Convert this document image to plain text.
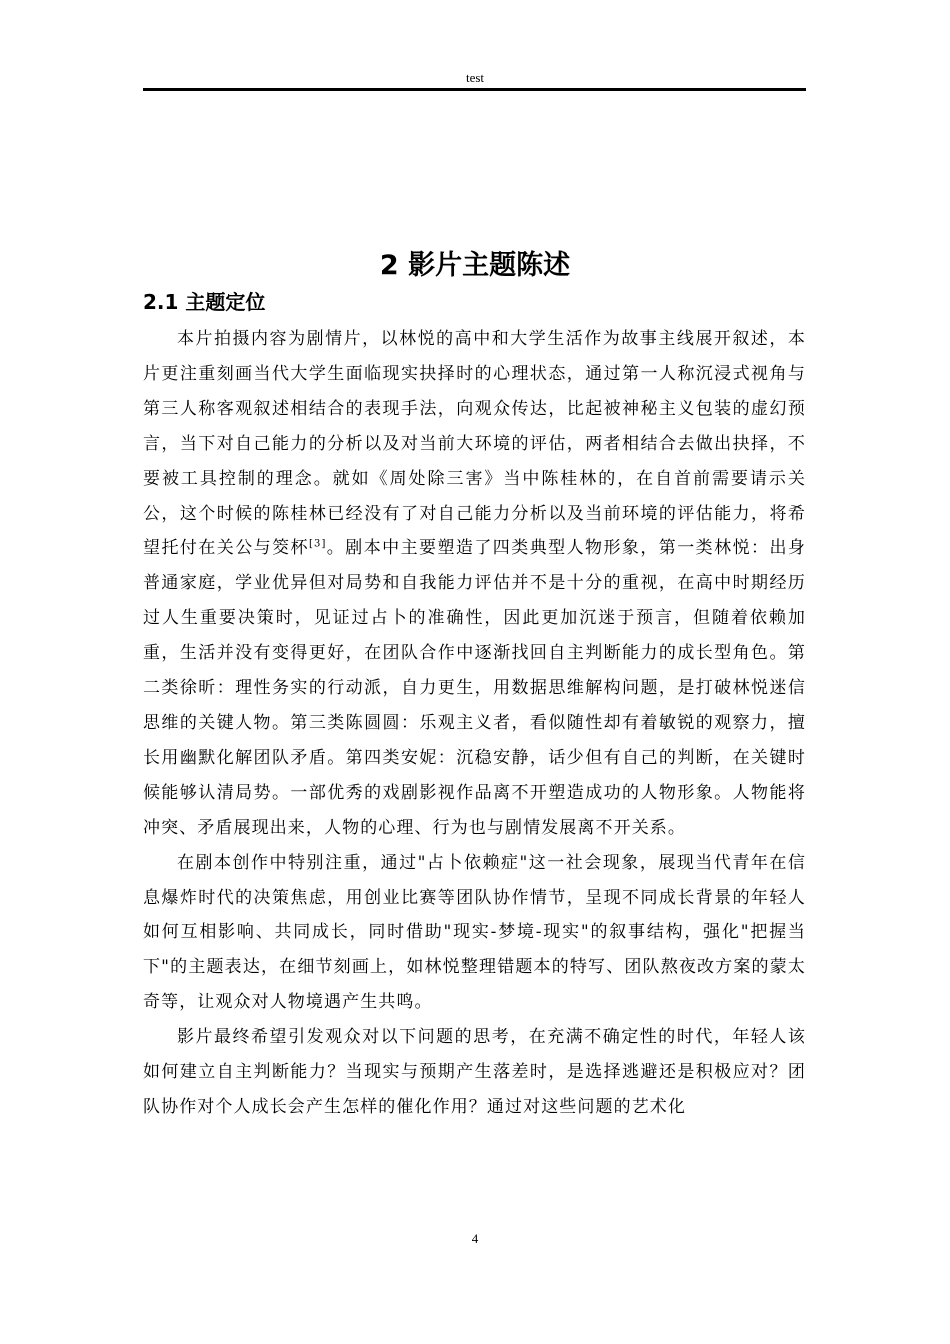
test
2 影片主题陈述
2.1 主题定位

本片拍摄内容为剧情片，以林悦的高中和大学生活作为故事主线展开叙述，本片更注重刻画当代大学生面临现实抉择时的心理状态，通过第一人称沉浸式视角与第三人称客观叙述相结合的表现手法，向观众传达，比起被神秘主义包装的虚幻预言，当下对自己能力的分析以及对当前大环境的评估，两者相结合去做出抉择，不要被工具控制的理念。就如《周处除三害》当中陈桂林的，在自首前需要请示关公，这个时候的陈桂林已经没有了对自己能力分析以及当前环境的评估能力，将希望托付在关公与筊杯[3]。剧本中主要塑造了四类典型人物形象，第一类林悦：出身普通家庭，学业优异但对局势和自我能力评估并不是十分的重视，在高中时期经历过人生重要决策时，见证过占卜的准确性，因此更加沉迷于预言，但随着依赖加重，生活并没有变得更好，在团队合作中逐渐找回自主判断能力的成长型角色。第二类徐昕：理性务实的行动派，自力更生，用数据思维解构问题，是打破林悦迷信思维的关键人物。第三类陈圆圆：乐观主义者，看似随性却有着敏锐的观察力，擅长用幽默化解团队矛盾。第四类安妮：沉稳安静，话少但有自己的判断，在关键时候能够认清局势。一部优秀的戏剧影视作品离不开塑造成功的人物形象。人物能将冲突、矛盾展现出来，人物的心理、行为也与剧情发展离不开关系。

在剧本创作中特别注重，通过"占卜依赖症"这一社会现象，展现当代青年在信息爆炸时代的决策焦虑，用创业比赛等团队协作情节，呈现不同成长背景的年轻人如何互相影响、共同成长，同时借助"现实-梦境-现实"的叙事结构，强化"把握当下"的主题表达，在细节刻画上，如林悦整理错题本的特写、团队熬夜改方案的蒙太奇等，让观众对人物境遇产生共鸣。

影片最终希望引发观众对以下问题的思考，在充满不确定性的时代，年轻人该如何建立自主判断能力？当现实与预期产生落差时，是选择逃避还是积极应对？团队协作对个人成长会产生怎样的催化作用？通过对这些问题的艺术化

4
